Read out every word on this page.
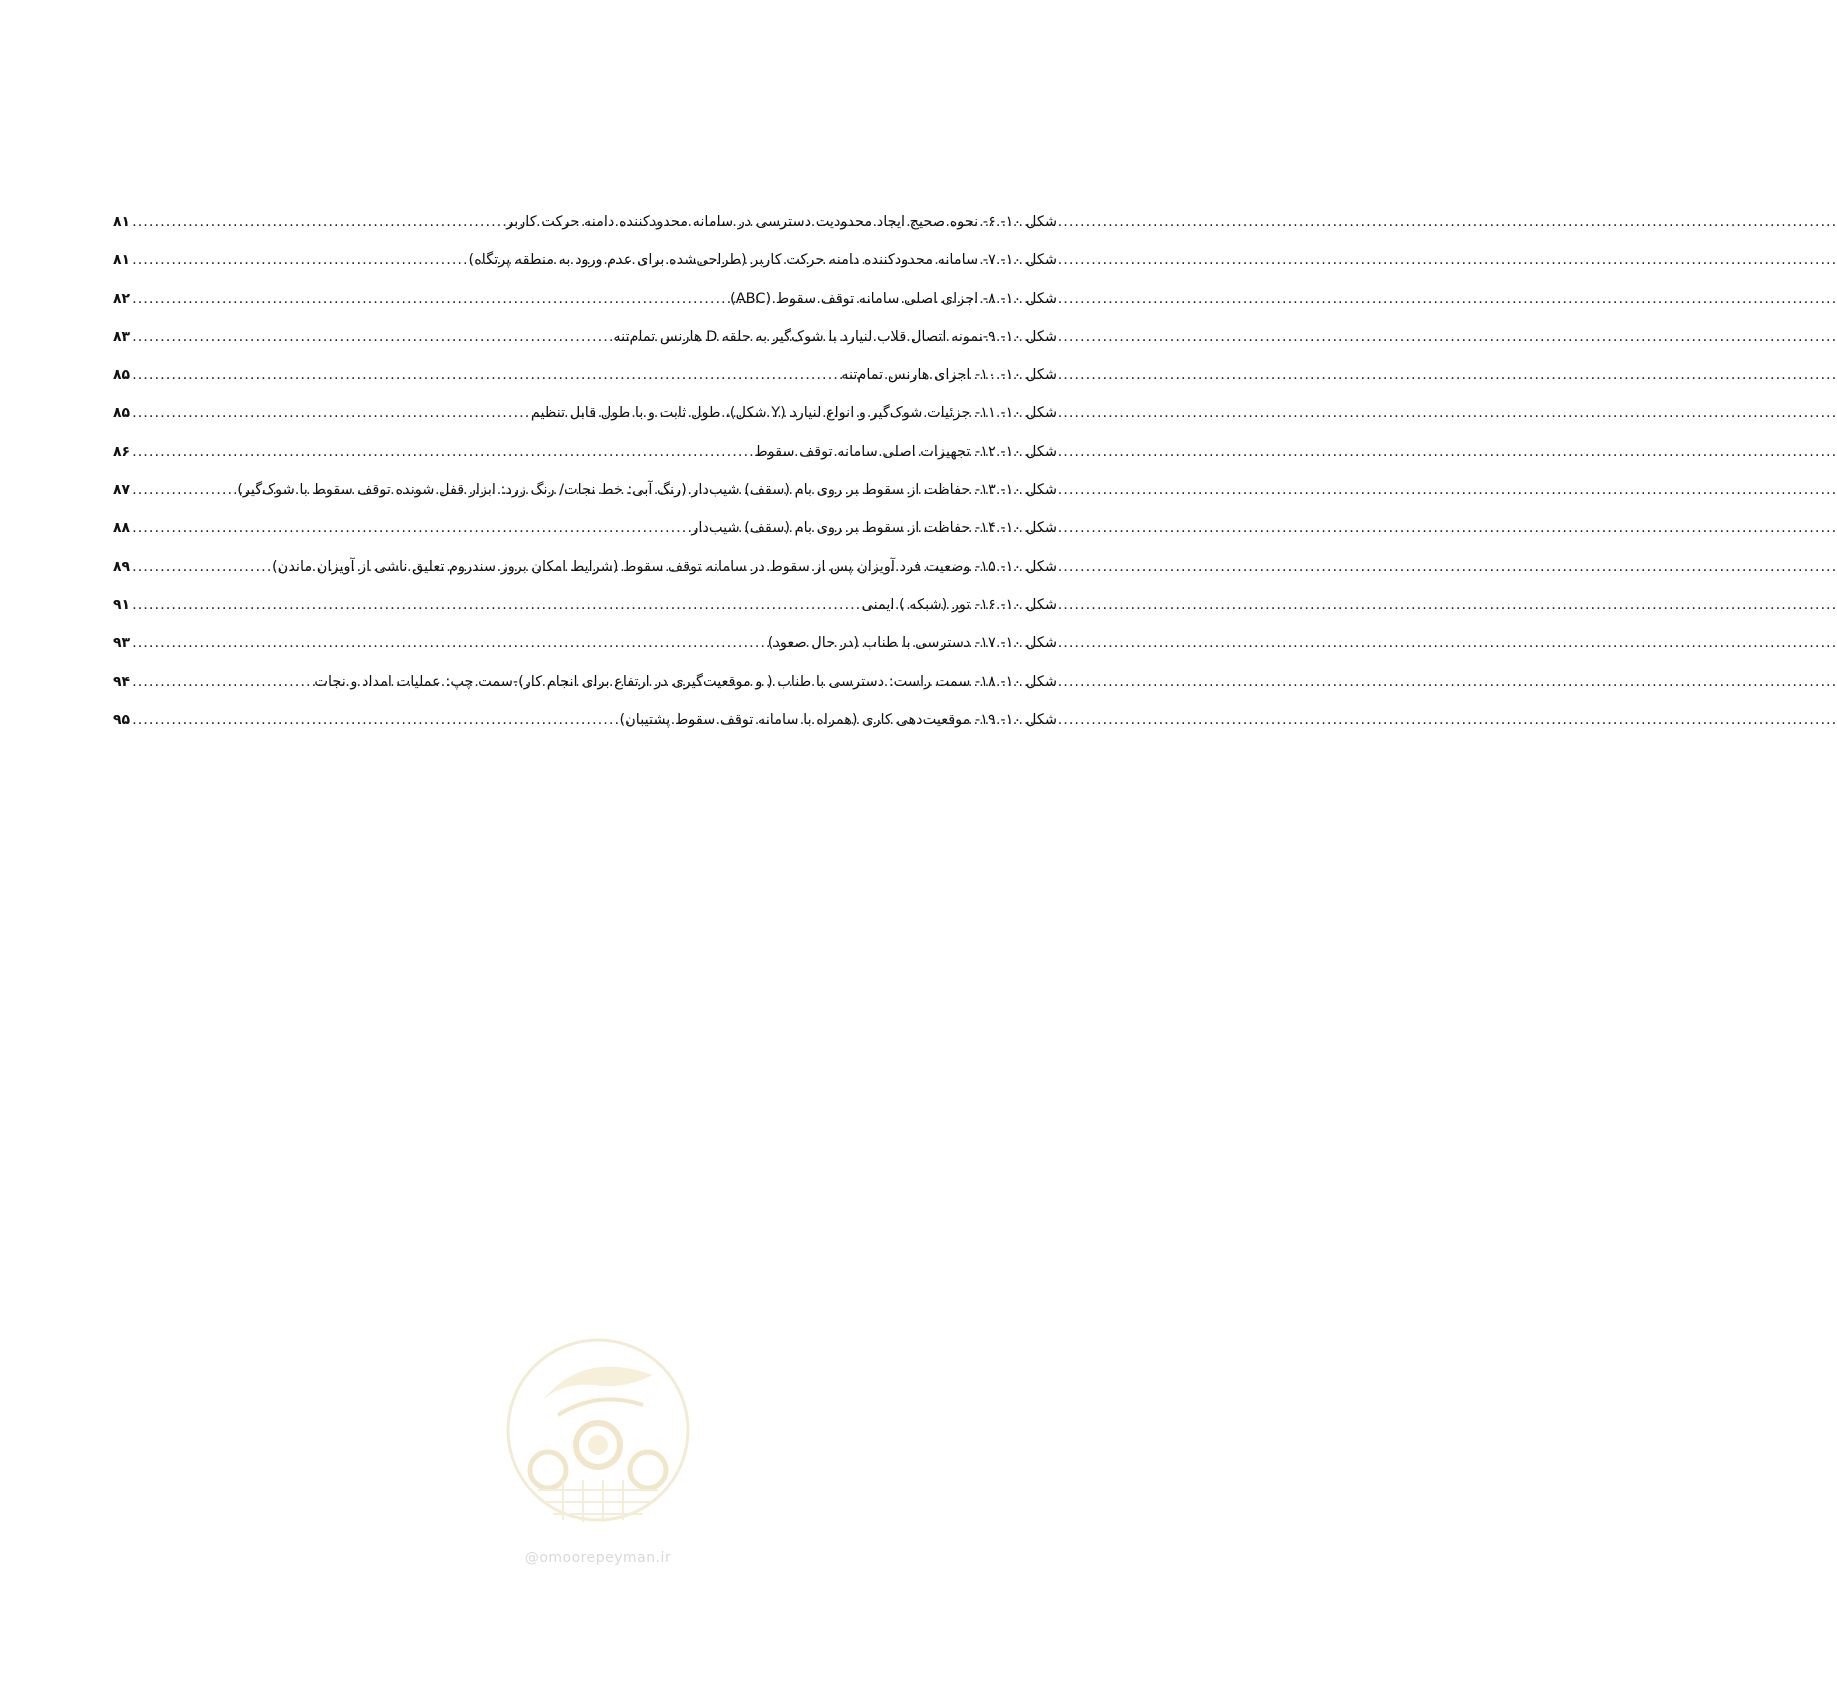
شکل ۱۰- ۶- نحوه صحیح ایجاد محدودیت دسترسی در سامانه محدودکننده دامنه حرکت کاربر
.....
۸۱
شکل ۱۰- ۷- سامانه محدودکننده دامنه حرکت کاربر (طراحی‌شده برای عدم ورود به منطقه پرتگاه)
.....
۸۱
شکل ۱۰- ۸- اجزای اصلی سامانه توقف سقوط (ABC)
.....
۸۲
شکل ۱۰- ۹-نمونه اتصال قلاب لنیارد با شوک‌گیر به حلقه D هارنس تمام‌تنه
.....
۸۳
شکل ۱۰- ۱۰- اجزای هارنس تمام‌تنه
.....
۸۵
شکل ۱۰- ۱۱- جزئیات شوک‌گیر و انواع لنیارد (Y شکل)، طول ثابت و با طول قابل تنظیم
.....
۸۵
شکل ۱۰- ۱۲- تجهیزات اصلی سامانه توقف سقوط
.....
۸۶
شکل ۱۰- ۱۳- حفاظت از سقوط بر روی بام (سقف) شیب‌دار (رنگ آبی: خط نجات/ رنگ زرد: ابزار قفل شونده توقف سقوط با شوک‌گیر)
.....
۸۷
شکل ۱۰- ۱۴- حفاظت از سقوط بر روی بام (سقف) شیب‌دار
.....
۸۸
شکل ۱۰- ۱۵- وضعیت فرد آویزان پس از سقوط در سامانه توقف سقوط (شرایط امکان بروز سندروم تعلیق ناشی از آویزان ماندن)
.....
۸۹
شکل ۱۰- ۱۶- تور (شبکه ) ایمنی
.....
۹۱
شکل ۱۰- ۱۷- دسترسی با طناب (در حال صعود)
.....
۹۳
شکل ۱۰- ۱۸- سمت راست: دسترسی با طناب ( و موقعیت‌گیری در ارتفاع برای انجام کار)-سمت چپ: عملیات امداد و نجات
.....
۹۴
شکل ۱۰- ۱۹- موقعیت‌دهی کاری (همراه با سامانه توقف سقوط پشتیبان)
.....
۹۵
@omoorepeyman.ir
